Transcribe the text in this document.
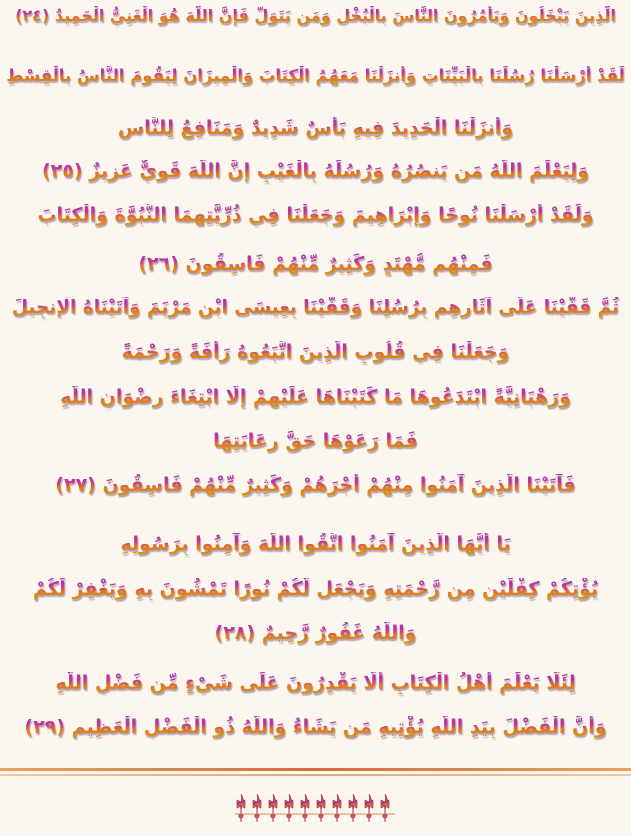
الَّذِينَ يَبْخَلُونَ وَيَأْمُرُونَ النَّاسَ بِالْبُخْلِ وَمَن يَتَوَلَّ فَإِنَّ اللَّهَ هُوَ الْغَنِيُّ الْحَمِيدُ (٢٤)
لَقَدْ أَرْسَلْنَا رُسُلَنَا بِالْبَيِّنَاتِ وَأَنزَلْنَا مَعَهُمُ الْكِتَابَ وَالْمِيزَانَ لِيَقُومَ النَّاسُ بِالْقِسْطِ
وَأَنزَلْنَا الْحَدِيدَ فِيهِ بَأْسٌ شَدِيدٌ وَمَنَافِعُ لِلنَّاسِ
وَلِيَعْلَمَ اللَّهُ مَن يَنصُرُهُ وَرُسُلَهُ بِالْغَيْبِ إِنَّ اللَّهَ قَوِيٌّ عَزِيزٌ (٢٥)
وَلَقَدْ أَرْسَلْنَا نُوحًا وَإِبْرَاهِيمَ وَجَعَلْنَا فِي ذُرِّيَّتِهِمَا النُّبُوَّةَ وَالْكِتَابَ
فَمِنْهُم مُّهْتَدٍ وَكَثِيرٌ مِّنْهُمْ فَاسِقُونَ (٢٦)
ثُمَّ قَفَّيْنَا عَلَى آثَارِهِم بِرُسُلِنَا وَقَفَّيْنَا بِعِيسَى ابْنِ مَرْيَمَ وَآتَيْنَاهُ الْإِنجِيلَ
وَجَعَلْنَا فِي قُلُوبِ الَّذِينَ اتَّبَعُوهُ رَأْفَةً وَرَحْمَةً
وَرَهْبَانِيَّةً ابْتَدَعُوهَا مَا كَتَبْنَاهَا عَلَيْهِمْ إِلَّا ابْتِغَاءَ رِضْوَانِ اللَّهِ
فَمَا رَعَوْهَا حَقَّ رِعَايَتِهَا
فَآتَيْنَا الَّذِينَ آمَنُوا مِنْهُمْ أَجْرَهُمْ وَكَثِيرٌ مِّنْهُمْ فَاسِقُونَ (٢٧)
يَا أَيُّهَا الَّذِينَ آمَنُوا اتَّقُوا اللَّهَ وَآمِنُوا بِرَسُولِهِ
يُؤْتِكُمْ كِفْلَيْنِ مِن رَّحْمَتِهِ وَيَجْعَل لَّكُمْ نُورًا تَمْشُونَ بِهِ وَيَغْفِرْ لَكُمْ
وَاللَّهُ غَفُورٌ رَّحِيمٌ (٢٨)
لِئَلَّا يَعْلَمَ أَهْلُ الْكِتَابِ أَلَّا يَقْدِرُونَ عَلَى شَيْءٍ مِّن فَضْلِ اللَّهِ
وَأَنَّ الْفَضْلَ بِيَدِ اللَّهِ يُؤْتِيهِ مَن يَشَاءُ وَاللَّهُ ذُو الْفَضْلِ الْعَظِيمِ (٢٩)
